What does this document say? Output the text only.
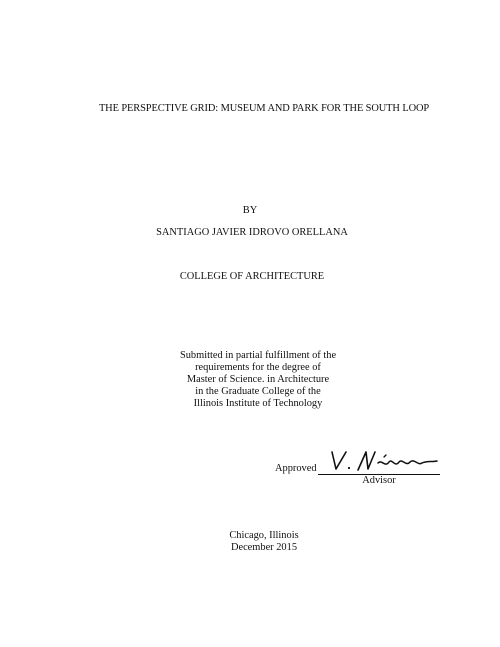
THE PERSPECTIVE GRID: MUSEUM AND PARK FOR THE SOUTH LOOP
BY
SANTIAGO JAVIER IDROVO ORELLANA
COLLEGE OF ARCHITECTURE
Submitted in partial fulfillment of the
requirements for the degree of
Master of Science. in Architecture
in the Graduate College of the
Illinois Institute of Technology
Approved
Advisor
Chicago, Illinois
December 2015
